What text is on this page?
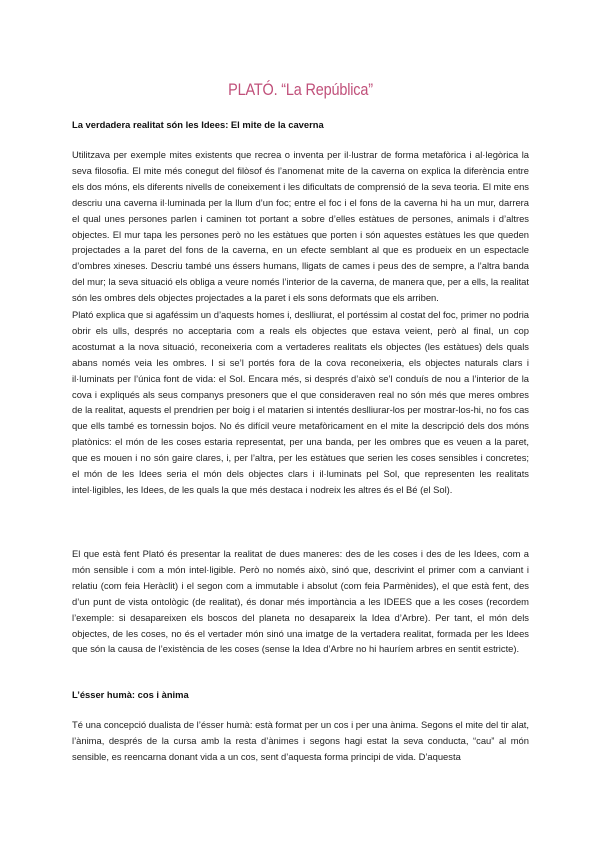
PLATÓ. “La República”
La verdadera realitat són les Idees: El mite de la caverna

Utilitzava per exemple mites existents que recrea o inventa per il·lustrar de forma metafòrica i al·legòrica la seva filosofia. El mite més conegut del filòsof és l’anomenat mite de la caverna on explica la diferència entre els dos móns, els diferents nivells de coneixement i les dificultats de comprensió de la seva teoria. El mite ens descriu una caverna il·luminada per la llum d’un foc; entre el foc i el fons de la caverna hi ha un mur, darrera el qual unes persones parlen i caminen tot portant a sobre d’elles estàtues de persones, animals i d’altres objectes. El mur tapa les persones però no les estàtues que porten i són aquestes estàtues les que queden projectades a la paret del fons de la caverna, en un efecte semblant al que es produeix en un espectacle d’ombres xineses. Descriu també uns éssers humans, lligats de cames i peus des de sempre, a l’altra banda del mur; la seva situació els obliga a veure només l’interior de la caverna, de manera que, per a ells, la realitat són les ombres dels objectes projectades a la paret i els sons deformats que els arriben.

Plató explica que si agaféssim un d’aquests homes i, deslliurat, el portéssim al costat del foc, primer no podria obrir els ulls, després no acceptaria com a reals els objectes que estava veient, però al final, un cop acostumat a la nova situació, reconeixeria com a vertaderes realitats els objectes (les estàtues) dels quals abans només veia les ombres. I si se’l portés fora de la cova reconeixeria, els objectes naturals clars i il·luminats per l’única font de vida: el Sol. Encara més, si després d’això se’l conduís de nou a l’interior de la cova i expliqués als seus companys presoners que el que consideraven real no són més que meres ombres de la realitat, aquests el prendrien per boig i el matarien si intentés deslliurar-los per mostrar-los-hi, no fos cas que ells també es tornessin bojos. No és difícil veure metafòricament en el mite la descripció dels dos móns platònics: el món de les coses estaria representat, per una banda, per les ombres que es veuen a la paret, que es mouen i no són gaire clares, i, per l’altra, per les estàtues que serien les coses sensibles i concretes; el món de les Idees seria el món dels objectes clars i il·luminats pel Sol, que representen les realitats intel·ligibles, les Idees, de les quals la que més destaca i nodreix les altres és el Bé (el Sol).

El que està fent Plató és presentar la realitat de dues maneres: des de les coses i des de les Idees, com a món sensible i com a món intel·ligible. Però no només això, sinó que, descrivint el primer com a canviant i relatiu (com feia Heràclit) i el segon com a immutable i absolut (com feia Parmènides), el que està fent, des d’un punt de vista ontològic (de realitat), és donar més importància a les IDEES que a les coses (recordem l’exemple: si desapareixen els boscos del planeta no desapareix la Idea d’Arbre). Per tant, el món dels objectes, de les coses, no és el vertader món sinó una imatge de la vertadera realitat, formada per les Idees que són la causa de l’existència de les coses (sense la Idea d’Arbre no hi hauríem arbres en sentit estricte).

L’ésser humà: cos i ànima

Té una concepció dualista de l’ésser humà: està format per un cos i per una ànima. Segons el mite del tir alat, l’ànima, després de la cursa amb la resta d’ànimes i segons hagi estat la seva conducta, “cau” al món sensible, es reencarna donant vida a un cos, sent d’aquesta forma principi de vida. D’aquesta
